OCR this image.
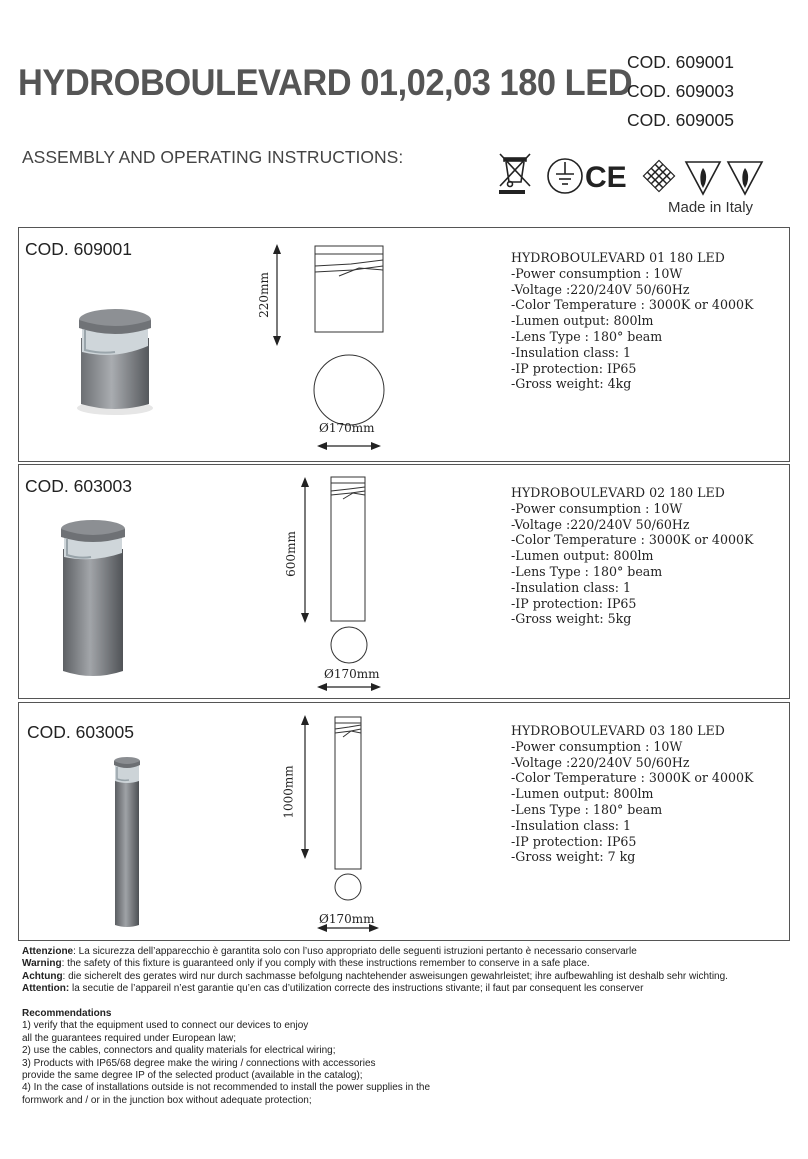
HYDROBOULEVARD 01,02,03 180 LED
COD. 609001
COD. 609003
COD. 609005
ASSEMBLY AND OPERATING INSTRUCTIONS:
CE
Made in Italy
COD. 609001
220mm
Ø170mm
HYDROBOULEVARD 01 180 LED
-Power consumption : 10W
-Voltage :220/240V 50/60Hz
-Color Temperature : 3000K or 4000K
-Lumen output: 800lm
-Lens Type : 180° beam
-Insulation class: 1
-IP protection: IP65
-Gross weight: 4kg
COD. 603003
600mm
Ø170mm
HYDROBOULEVARD 02 180 LED
-Power consumption : 10W
-Voltage :220/240V 50/60Hz
-Color Temperature : 3000K or 4000K
-Lumen output: 800lm
-Lens Type : 180° beam
-Insulation class: 1
-IP protection: IP65
-Gross weight: 5kg
COD. 603005
1000mm
Ø170mm
HYDROBOULEVARD 03 180 LED
-Power consumption : 10W
-Voltage :220/240V 50/60Hz
-Color Temperature : 3000K or 4000K
-Lumen output: 800lm
-Lens Type : 180° beam
-Insulation class: 1
-IP protection: IP65
-Gross weight: 7 kg
Attenzione: La sicurezza dell’apparecchio è garantita solo con l’uso appropriato delle seguenti istruzioni pertanto è necessario conservarle
Warning: the safety of this fixture is guaranteed only if you comply with these instructions remember to conserve in a safe place.
Achtung: die sicherelt des gerates wird nur durch sachmasse befolgung nachtehender asweisungen gewahrleistet; ihre aufbewahling ist deshalb sehr wichting.
Attention: la secutie de l’appareil n’est garantie qu’en cas d’utilization correcte des instructions stivante; il faut par consequent les conserver
Recommendations
1) verify that the equipment used to connect our devices to enjoy
all the guarantees required under European law;
2) use the cables, connectors and quality materials for electrical wiring;
3) Products with IP65/68 degree make the wiring / connections with accessories
provide the same degree IP of the selected product (available in the catalog);
4) In the case of installations outside is not recommended to install the power supplies in the
formwork and / or in the junction box without adequate protection;
